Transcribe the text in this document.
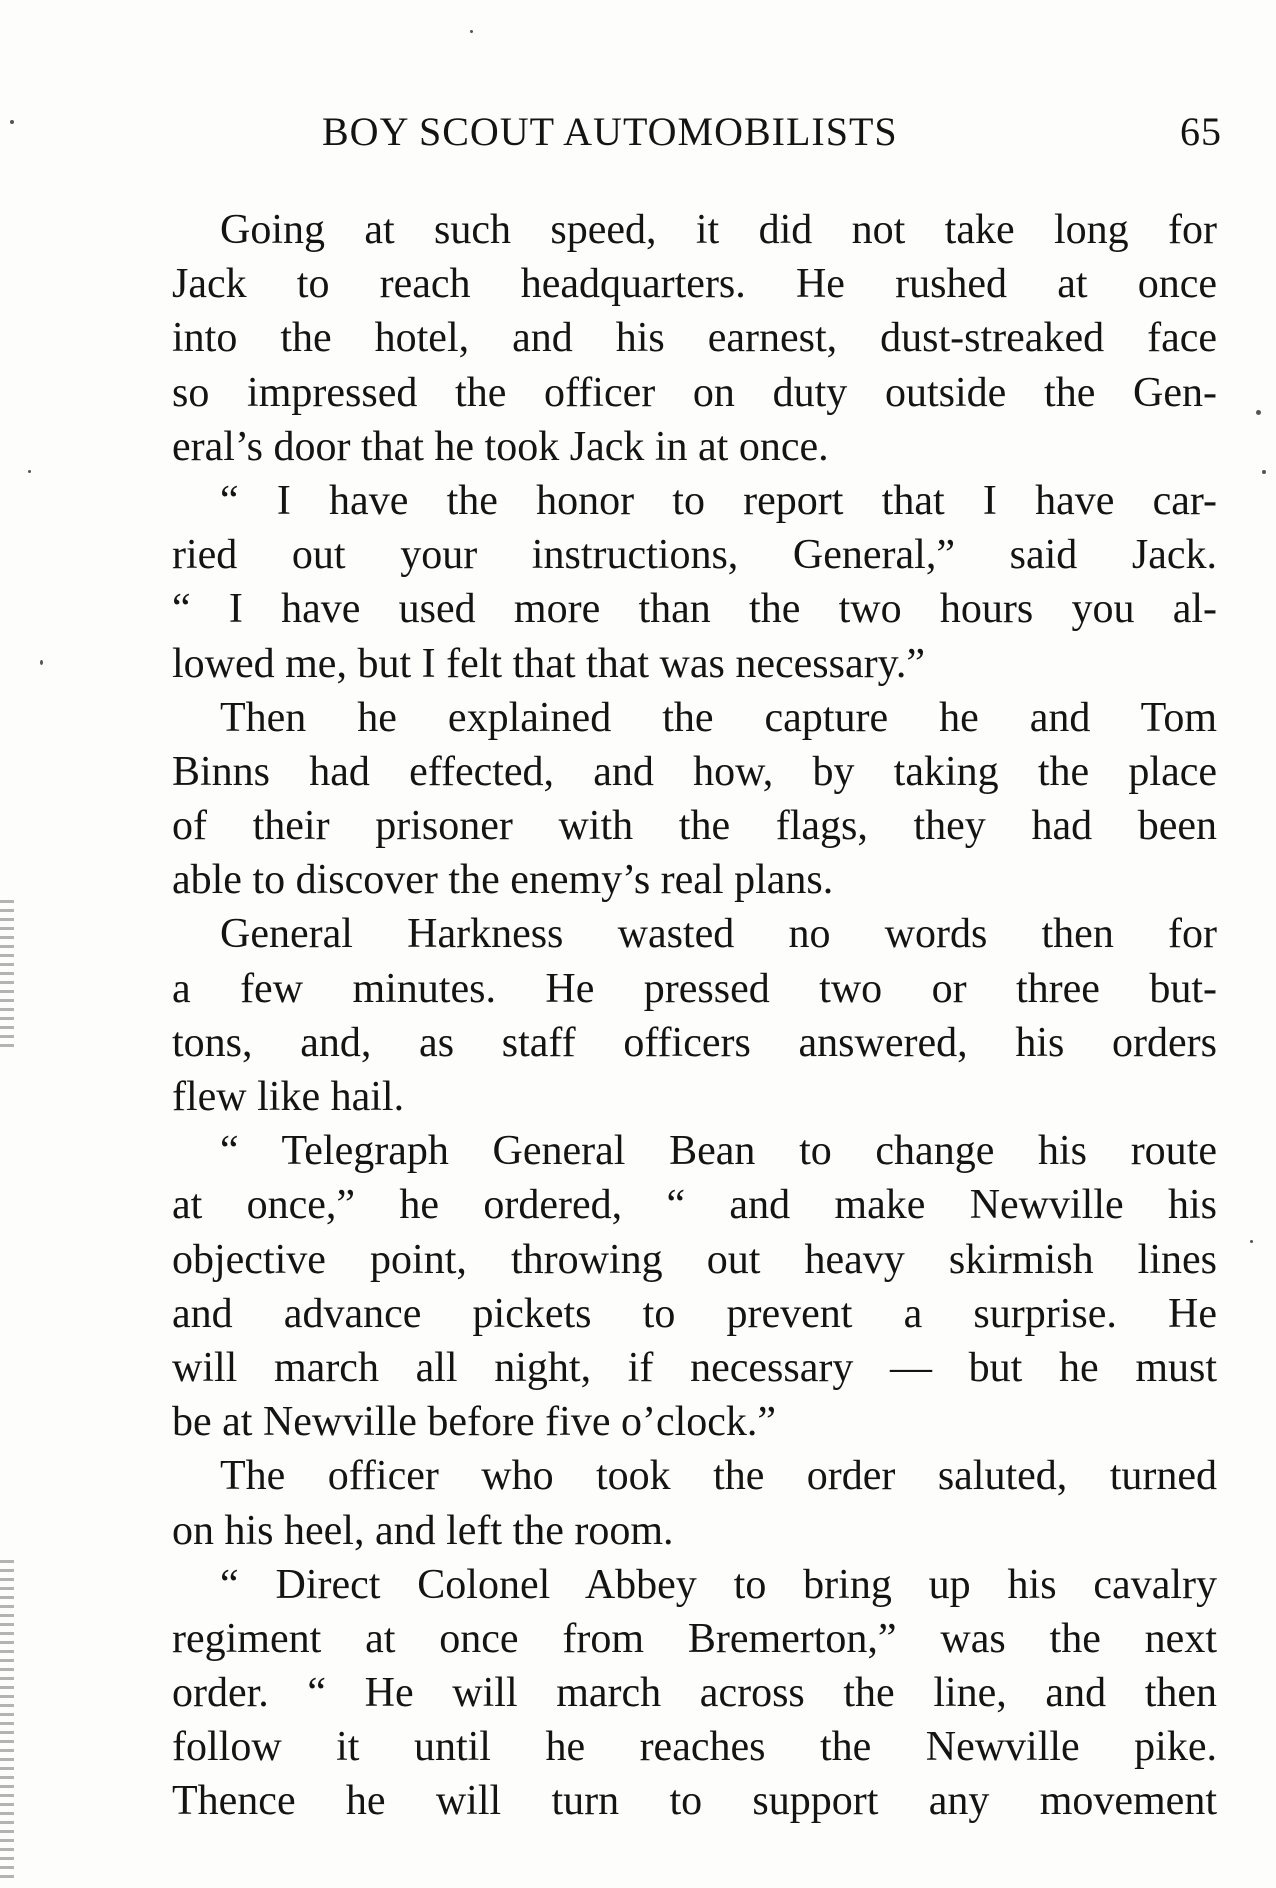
BOY SCOUT AUTOMOBILISTS	65
Going at such speed, it did not take long for
Jack to reach headquarters. He rushed at once
into the hotel, and his earnest, dust-streaked face
so impressed the officer on duty outside the Gen-
eral’s door that he took Jack in at once.
“ I have the honor to report that I have car-
ried out your instructions, General,” said Jack.
“ I have used more than the two hours you al-
lowed me, but I felt that that was necessary.”
Then he explained the capture he and Tom
Binns had effected, and how, by taking the place
of their prisoner with the flags, they had been
able to discover the enemy’s real plans.
General Harkness wasted no words then for
a few minutes. He pressed two or three but-
tons, and, as staff officers answered, his orders
flew like hail.
“ Telegraph General Bean to change his route
at once,” he ordered, “ and make Newville his
objective point, throwing out heavy skirmish lines
and advance pickets to prevent a surprise. He
will march all night, if necessary — but he must
be at Newville before five o’clock.”
The officer who took the order saluted, turned
on his heel, and left the room.
“ Direct Colonel Abbey to bring up his cavalry
regiment at once from Bremerton,” was the next
order. “ He will march across the line, and then
follow it until he reaches the Newville pike.
Thence he will turn to support any movement
